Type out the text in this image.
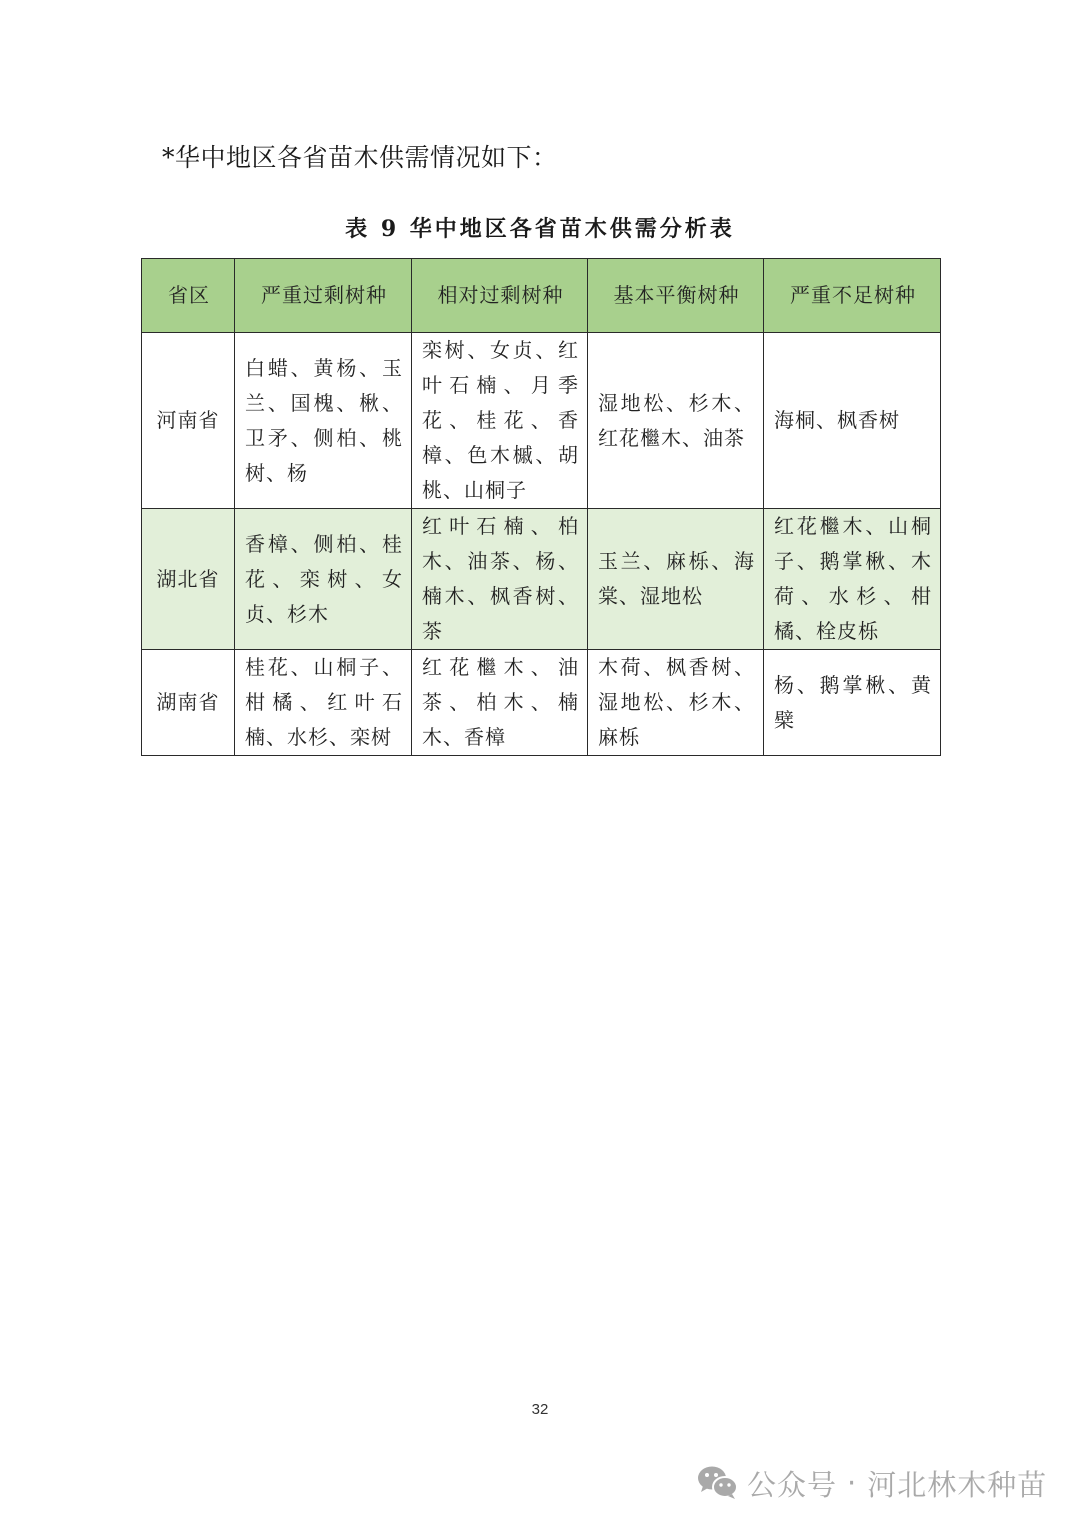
*华中地区各省苗木供需情况如下：
表 9 华中地区各省苗木供需分析表
省区	严重过剩树种	相对过剩树种	基本平衡树种	严重不足树种
河南省	白蜡、黄杨、玉兰、国槐、楸、卫矛、侧柏、桃树、杨	栾树、女贞、红叶石楠、月季花、桂花、香樟、色木槭、胡桃、山桐子	湿地松、杉木、红花檵木、油茶	海桐、枫香树
湖北省	香樟、侧柏、桂花、栾树、女贞、杉木	红叶石楠、柏木、油茶、杨、楠木、枫香树、茶	玉兰、麻栎、海棠、湿地松	红花檵木、山桐子、鹅掌楸、木荷、水杉、柑橘、栓皮栎
湖南省	桂花、山桐子、柑橘、红叶石楠、水杉、栾树	红花檵木、油茶、柏木、楠木、香樟	木荷、枫香树、湿地松、杉木、麻栎	杨、鹅掌楸、黄檗
32
公众号 · 河北林木种苗
